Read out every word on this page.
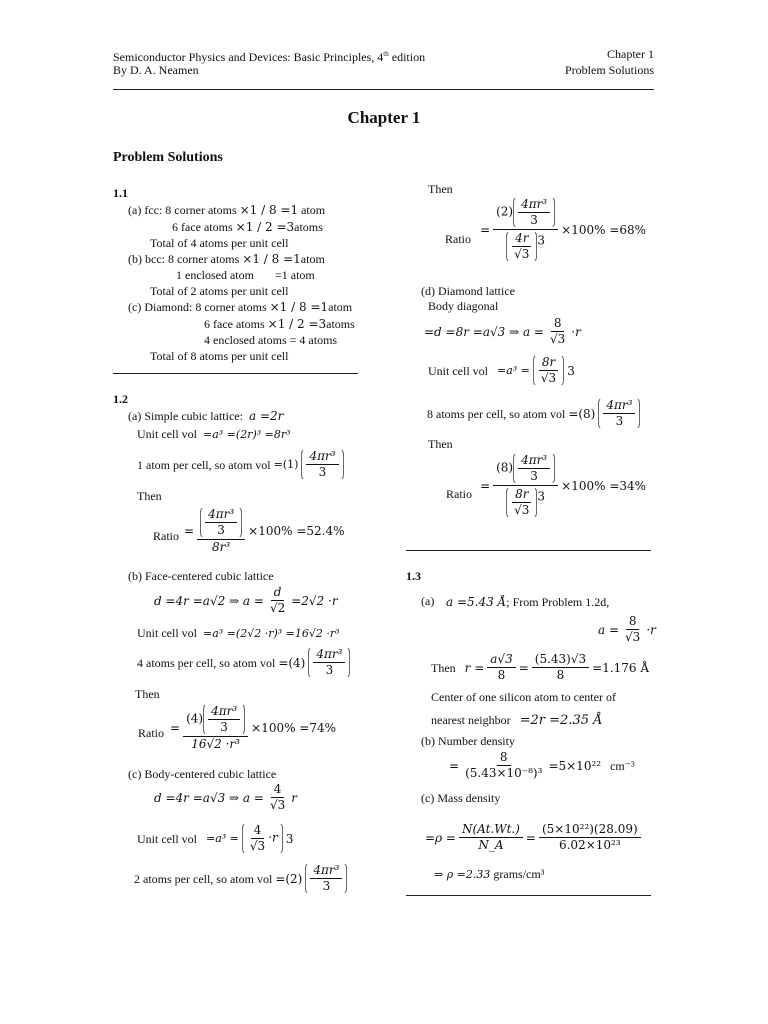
Semiconductor Physics and Devices: Basic Principles, 4th edition
By D. A. Neamen
Chapter 1
Problem Solutions
Chapter 1
Problem Solutions
1.1
(a) fcc: 8 corner atoms ×1 / 8 =1 atom
6 face atoms ×1 / 2 =3atoms
Total of 4 atoms per unit cell
(b) bcc: 8 corner atoms ×1 / 8 =1atom
1 enclosed atom =1 atom
Total of 2 atoms per unit cell
(c) Diamond: 8 corner atoms ×1 / 8 =1atom
6 face atoms ×1 / 2 =3atoms
4 enclosed atoms = 4 atoms
Total of 8 atoms per unit cell
1.2
(a) Simple cubic lattice: a =2r
Unit cell vol =a³ =(2r)³ =8r³
1 atom per cell, so atom vol $=(1) \frac{\text{4πr³}}{3}$
Then
Ratio = $\frac{\frac{\text{4πr³}}{3}}{\text{8r³}} \times 100\% =52.4\%$
(b) Face-centered cubic lattice
d =4r =a√2 ⇒ $a = \frac{d}{√2} =2√2 \cdot r$
Unit cell vol =a³ =(2√2 ·r)³ =16√2 ·r³
4 atoms per cell, so atom vol $=(4) \frac{\text{4πr³}}{3}$
Then
Ratio = $\frac{(4) \frac{\text{4πr³}}{3}}{\text{16√2 ·r³}} \times 100\% =74\%$
(c) Body-centered cubic lattice
d =4r =a√3 ⇒ $a = \frac{4}{√3}$ r
Unit cell vol
$=a^3 = \frac{4}{√3} \cdot r$ 3
2 atoms per cell, so atom vol $=(2) \frac{\text{4πr³}}{3}$
Then
Ratio
= $\frac{(2) \frac{\text{4πr³}}{3}}{\frac{4r}{√3} ^3} \times 100\% =68\%$
(d) Diamond lattice
Body diagonal
=d =8r =a√3 ⇒ $a = \frac{8}{√3} \cdot r$
Unit cell vol
$=a^3 = \frac{8r}{√3} 3$
8 atoms per cell, so atom vol $=(8) \frac{\text{4πr³}}{3}$
Then
Ratio
= $\frac{(8) \frac{\text{4πr³}}{3}}{\frac{8r}{√3} ^3} \times 100\% =34\%$
1.3
(a) a =5.43 Å; From Problem 1.2d,
$a = \frac{8}{√3} \cdot r$
Then
$r = \frac{a√3}{8} = \frac{(5.43)√3}{8} =1.176$ Å
Center of one silicon atom to center of
nearest neighbor =2r =2.35 Å
(b) Number density
= $\frac{8}{\text{(5.43×10⁻⁸)³}} =5\times 10^{22}$
cm⁻³
(c) Mass density
$=\rho = \frac{N(At.Wt.)}{N\_A} = \frac{\text{(5×10²²)(28.09)}}{\text{6.02×10²³}}$
⇒ ρ =2.33 grams/cm³
